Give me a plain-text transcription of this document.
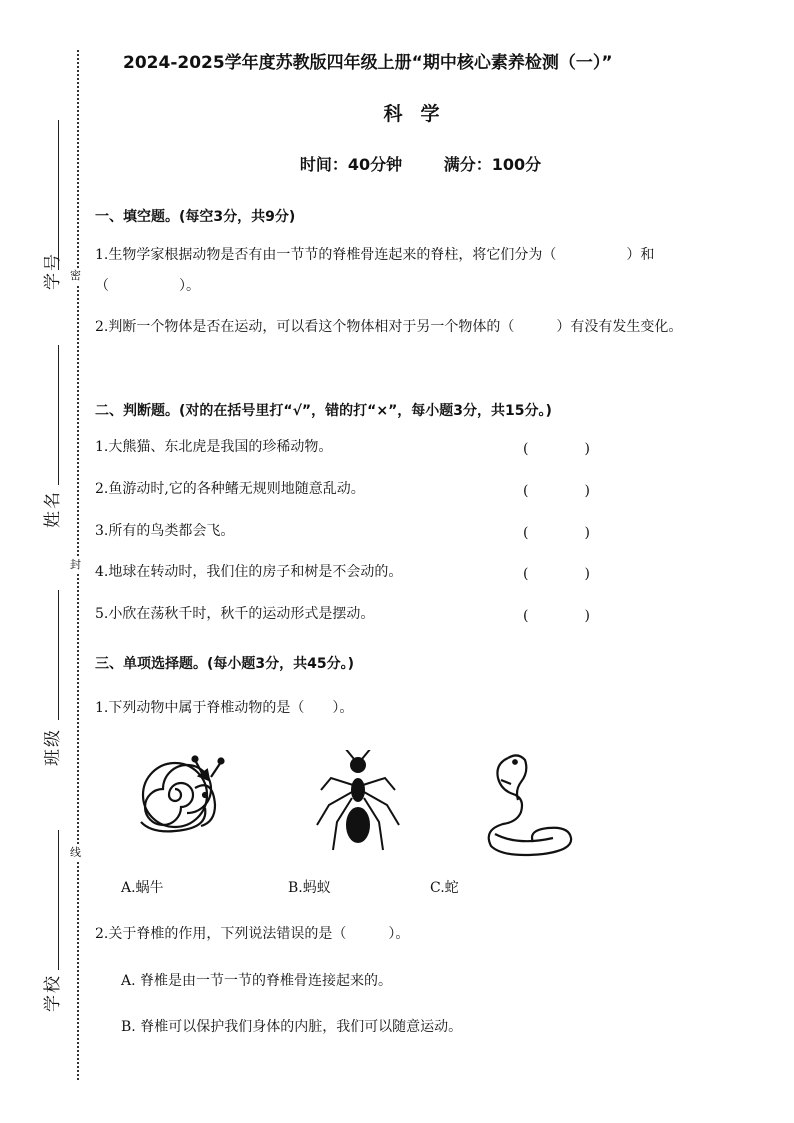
学号 密
姓名
封
班级
线
学校
2024-2025学年度苏教版四年级上册“期中核心素养检测（一）”
科学
时间：40分钟	满分：100分
一、填空题。(每空3分，共9分)
1.生物学家根据动物是否有由一节节的脊椎骨连起来的脊柱，将它们分为（　　　　　）和
（　　　　　）。
2.判断一个物体是否在运动，可以看这个物体相对于另一个物体的（　　　）有没有发生变化。
二、判断题。(对的在括号里打“√”，错的打“×”，每小题3分，共15分。)
1.大熊猫、东北虎是我国的珍稀动物。	(　　　　)
2.鱼游动时,它的各种鳍无规则地随意乱动。	(　　　　)
3.所有的鸟类都会飞。	(　　　　)
4.地球在转动时，我们住的房子和树是不会动的。	(　　　　)
5.小欣在荡秋千时，秋千的运动形式是摆动。	(　　　　)
三、单项选择题。(每小题3分，共45分。)
1.下列动物中属于脊椎动物的是（　　）。
A.蜗牛	B.蚂蚁	C.蛇
2.关于脊椎的作用，下列说法错误的是（　　　）。
A. 脊椎是由一节一节的脊椎骨连接起来的。
B. 脊椎可以保护我们身体的内脏，我们可以随意运动。
